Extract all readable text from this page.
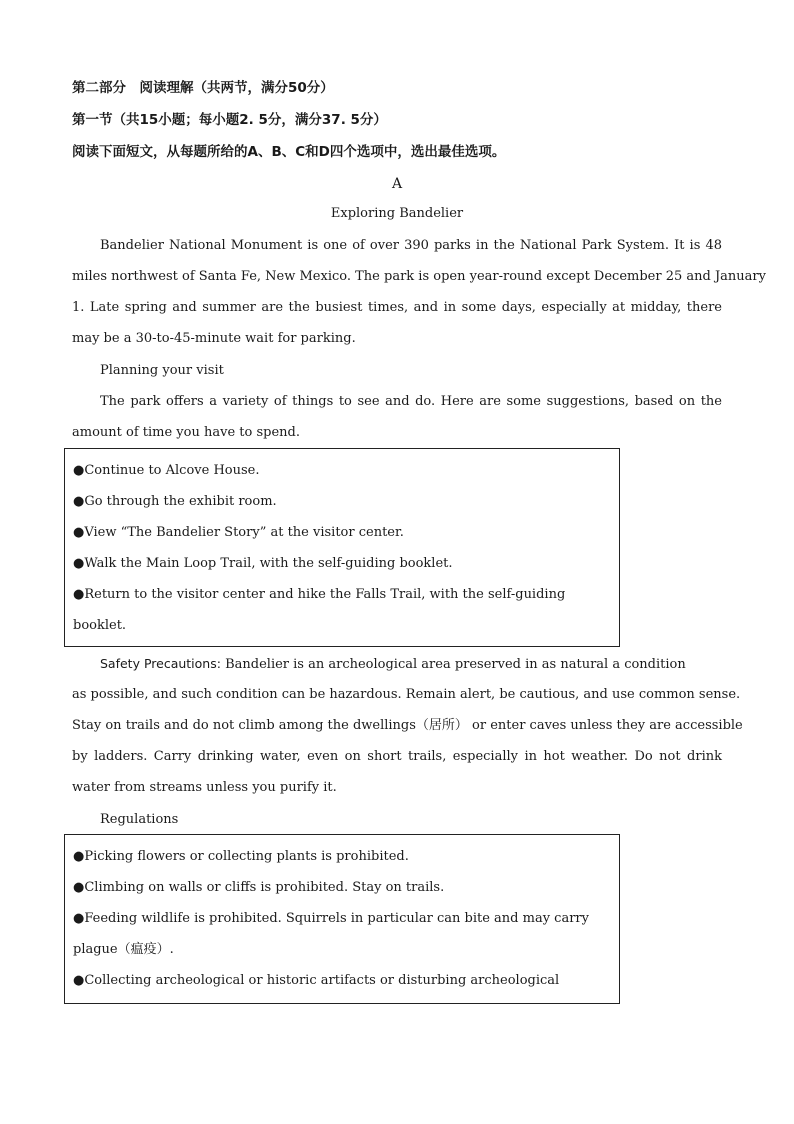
第二部分　阅读理解（共两节，满分50分）
第一节（共15小题；每小题2. 5分，满分37. 5分）
阅读下面短文，从每题所给的A、B、C和D四个选项中，选出最佳选项。
A
Exploring Bandelier
Bandelier National Monument is one of over 390 parks in the National Park System. It is 48
miles northwest of Santa Fe, New Mexico. The park is open year-round except December 25 and January
1. Late spring and summer are the busiest times, and in some days, especially at midday, there
may be a 30-to-45-minute wait for parking.
Planning your visit
The park offers a variety of things to see and do. Here are some suggestions, based on the
amount of time you have to spend.
●Continue to Alcove House.
●Go through the exhibit room.
●View “The Bandelier Story” at the visitor center.
●Walk the Main Loop Trail, with the self-guiding booklet.
●Return to the visitor center and hike the Falls Trail, with the self-guiding
booklet.
Safety Precautions: Bandelier is an archeological area preserved in as natural a condition
as possible, and such condition can be hazardous. Remain alert, be cautious, and use common sense.
Stay on trails and do not climb among the dwellings（居所） or enter caves unless they are accessible
by ladders. Carry drinking water, even on short trails, especially in hot weather. Do not drink
water from streams unless you purify it.
Regulations
●Picking flowers or collecting plants is prohibited.
●Climbing on walls or cliffs is prohibited. Stay on trails.
●Feeding wildlife is prohibited. Squirrels in particular can bite and may carry
plague（瘟疫）.
●Collecting archeological or historic artifacts or disturbing archeological
